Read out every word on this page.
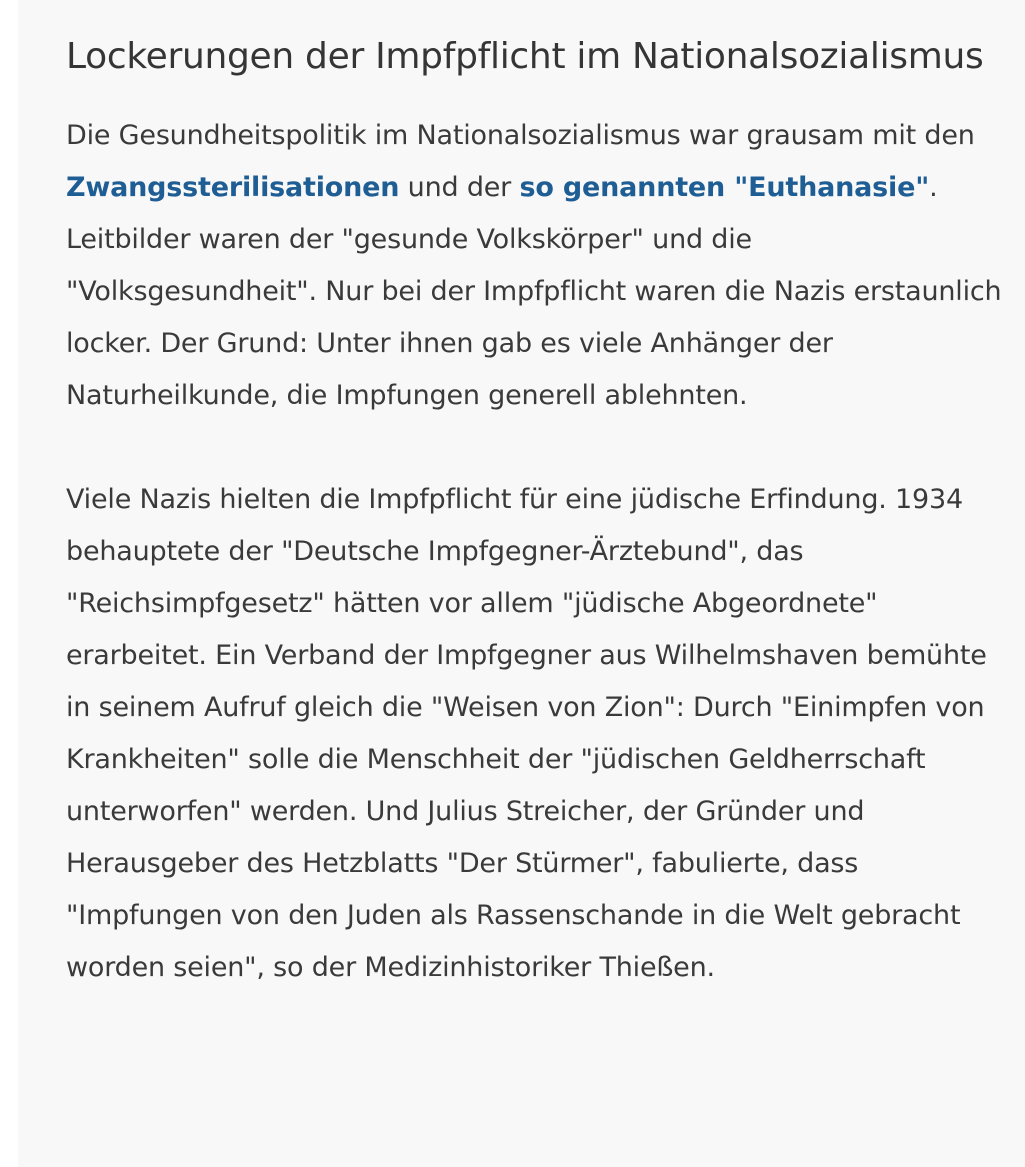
Lockerungen der Impfpflicht im Nationalsozialismus

Die Gesundheitspolitik im Nationalsozialismus war grausam mit den Zwangssterilisationen und der so genannten "Euthanasie". Leitbilder waren der "gesunde Volkskörper" und die "Volksgesundheit". Nur bei der Impfpflicht waren die Nazis erstaunlich locker. Der Grund: Unter ihnen gab es viele Anhänger der Naturheilkunde, die Impfungen generell ablehnten.

Viele Nazis hielten die Impfpflicht für eine jüdische Erfindung. 1934 behauptete der "Deutsche Impfgegner-Ärztebund", das "Reichsimpfgesetz" hätten vor allem "jüdische Abgeordnete" erarbeitet. Ein Verband der Impfgegner aus Wilhelmshaven bemühte in seinem Aufruf gleich die "Weisen von Zion": Durch "Einimpfen von Krankheiten" solle die Menschheit der "jüdischen Geldherrschaft unterworfen" werden. Und Julius Streicher, der Gründer und Herausgeber des Hetzblatts "Der Stürmer", fabulierte, dass "Impfungen von den Juden als Rassenschande in die Welt gebracht worden seien", so der Medizinhistoriker Thießen.
